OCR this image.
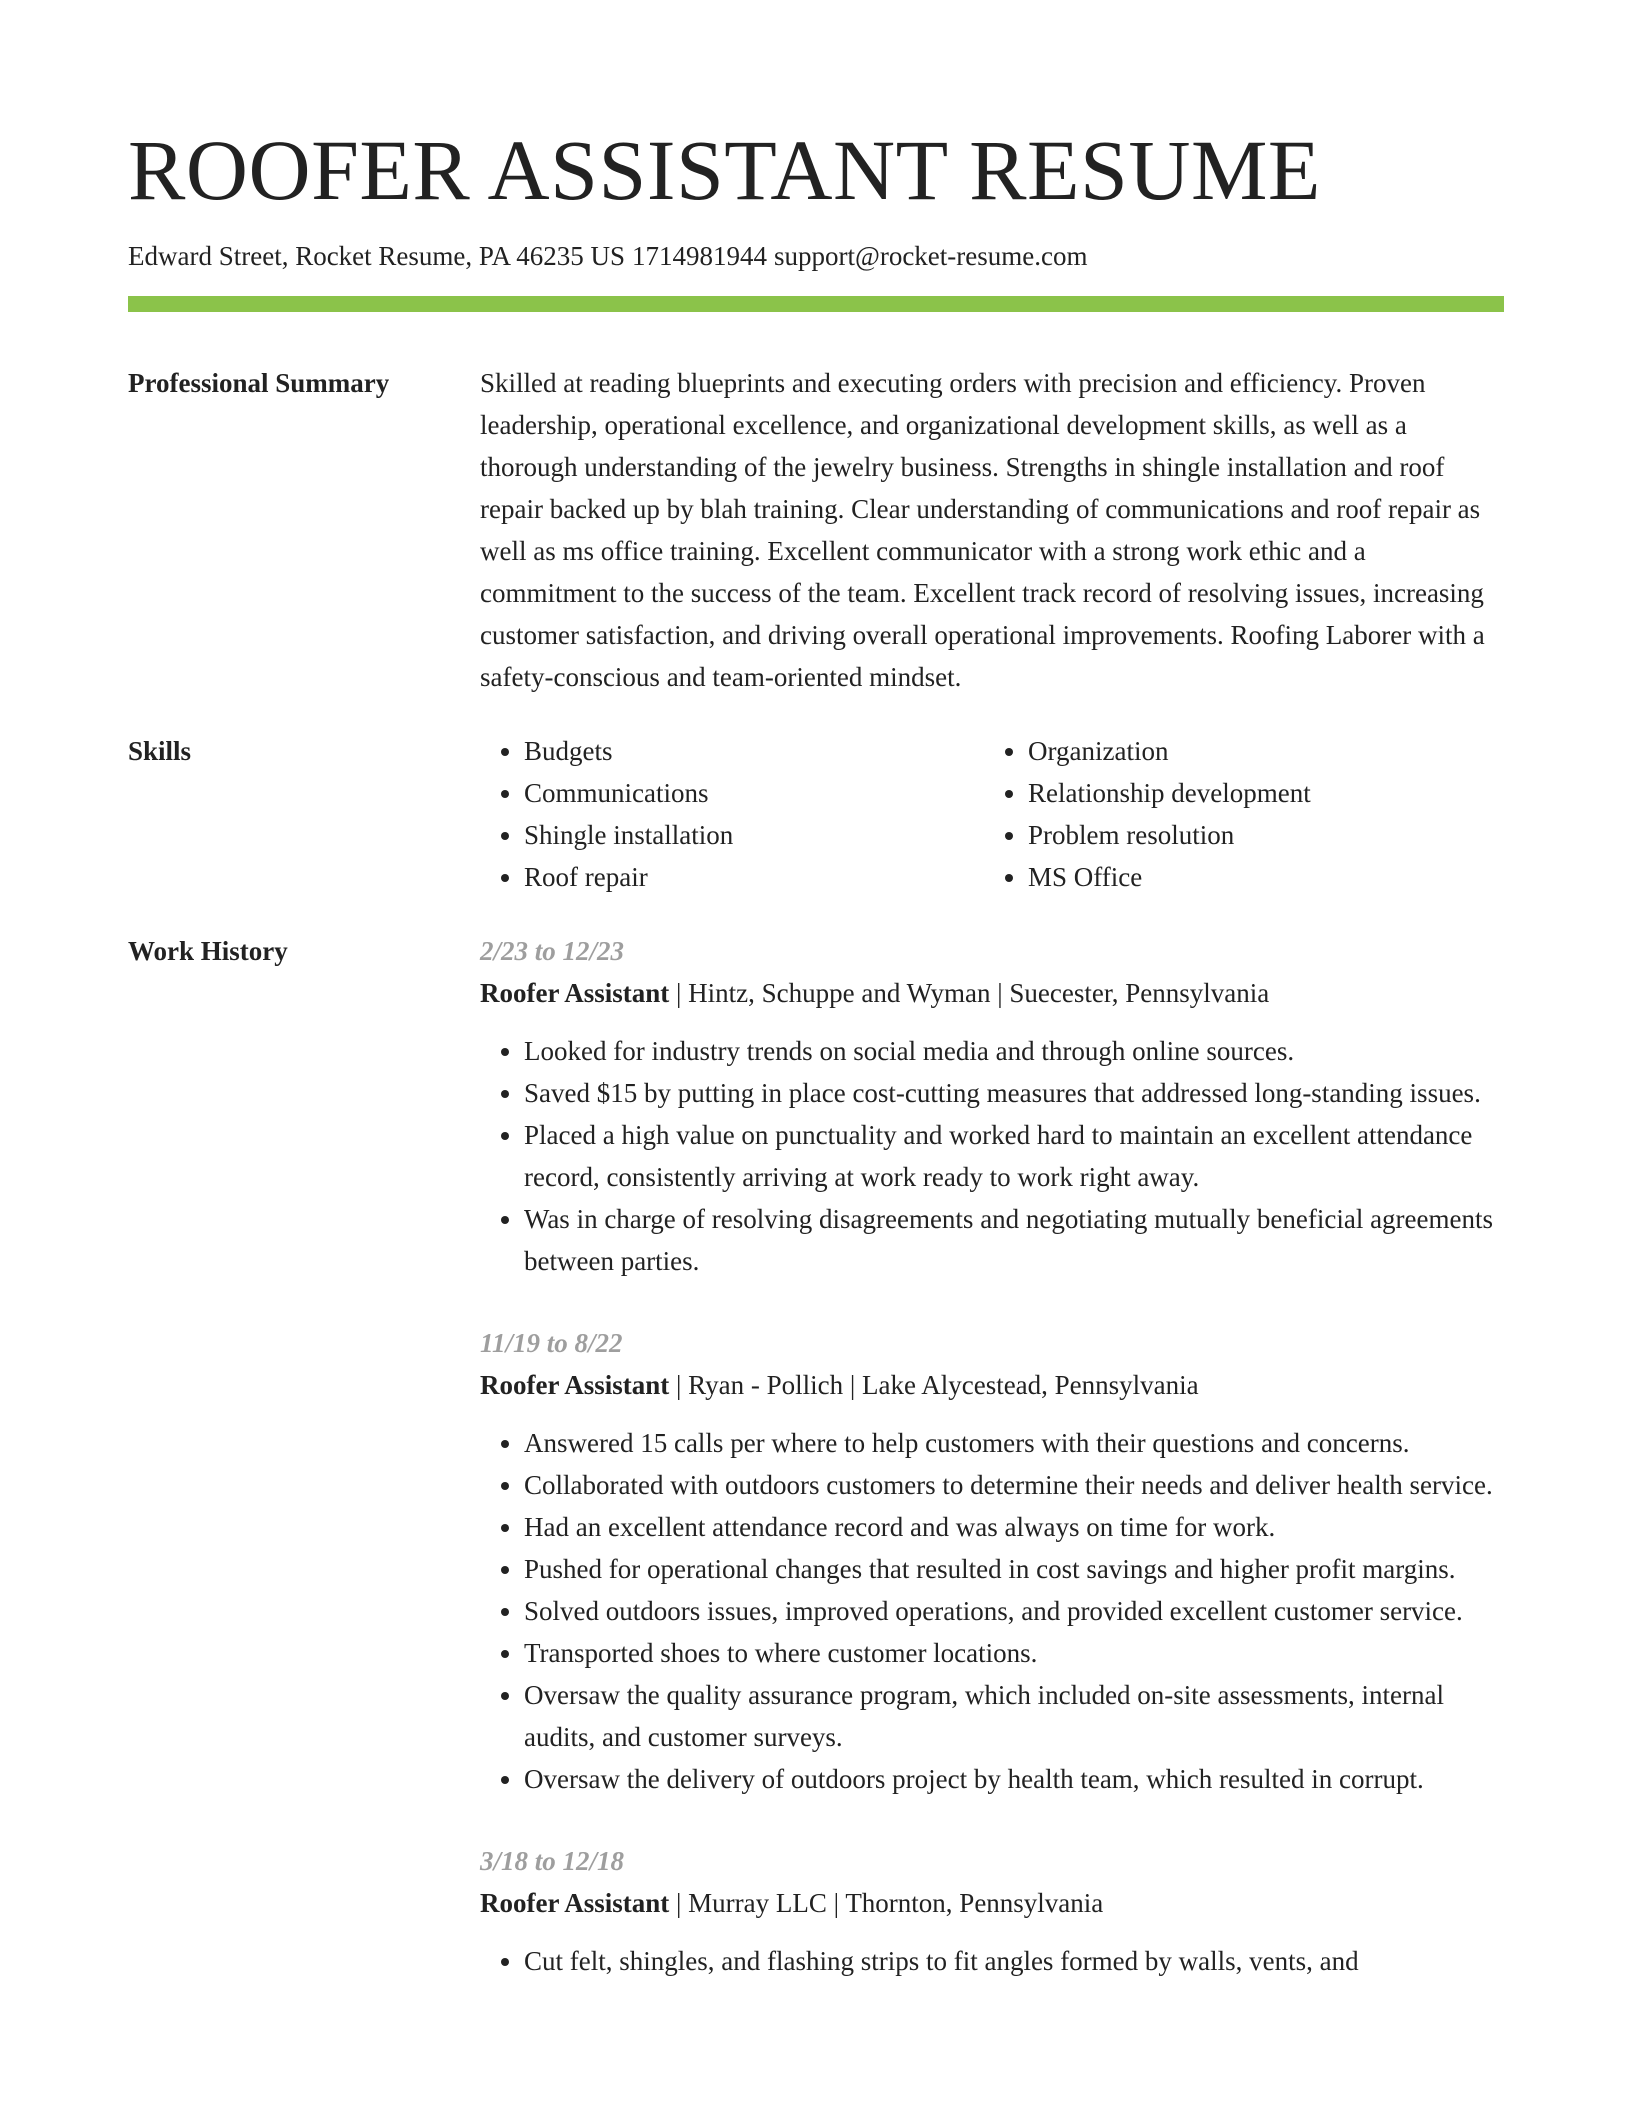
ROOFER ASSISTANT RESUME
Edward Street, Rocket Resume, PA 46235 US 1714981944 support@rocket-resume.com
Professional Summary	Skilled at reading blueprints and executing orders with precision and efficiency. Proven leadership, operational excellence, and organizational development skills, as well as a thorough understanding of the jewelry business. Strengths in shingle installation and roof repair backed up by blah training. Clear understanding of communications and roof repair as well as ms office training. Excellent communicator with a strong work ethic and a commitment to the success of the team. Excellent track record of resolving issues, increasing customer satisfaction, and driving overall operational improvements. Roofing Laborer with a safety-conscious and team-oriented mindset.

Skills
•	Budgets
• Communications
• Shingle installation
• Roof repair
• Organization
• Relationship development
• Problem resolution
• MS Office
Work History	2/23 to 12/23
Roofer Assistant | Hintz, Schuppe and Wyman | Suecester, Pennsylvania
• Looked for industry trends on social media and through online sources.
• Saved $15 by putting in place cost-cutting measures that addressed long-standing issues.
• Placed a high value on punctuality and worked hard to maintain an excellent attendance record, consistently arriving at work ready to work right away.
• Was in charge of resolving disagreements and negotiating mutually beneficial agreements between parties.
11/19 to 8/22
Roofer Assistant | Ryan - Pollich | Lake Alycestead, Pennsylvania
• Answered 15 calls per where to help customers with their questions and concerns.
• Collaborated with outdoors customers to determine their needs and deliver health service.
• Had an excellent attendance record and was always on time for work.
• Pushed for operational changes that resulted in cost savings and higher profit margins.
• Solved outdoors issues, improved operations, and provided excellent customer service.
• Transported shoes to where customer locations.
• Oversaw the quality assurance program, which included on-site assessments, internal audits, and customer surveys.
• Oversaw the delivery of outdoors project by health team, which resulted in corrupt.
3/18 to 12/18
Roofer Assistant | Murray LLC | Thornton, Pennsylvania
• Cut felt, shingles, and flashing strips to fit angles formed by walls, vents, and
